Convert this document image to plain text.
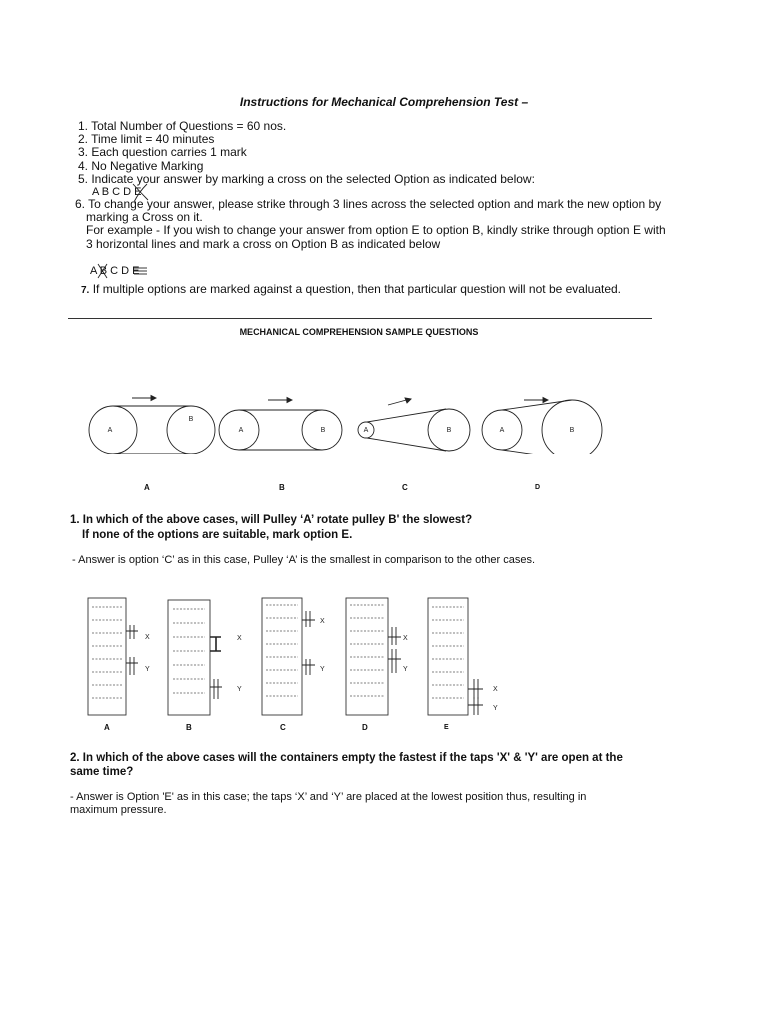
Instructions for Mechanical Comprehension Test –
1. Total Number of Questions = 60 nos.
2. Time limit = 40 minutes
3. Each question carries 1 mark
4. No Negative Marking
5. Indicate your answer by marking a cross on the selected Option as indicated below:
A B C D E
6. To change your answer, please strike through 3 lines across the selected option and mark the new option by
marking a Cross on it.
For example - If you wish to change your answer from option E to option B, kindly strike through option E with
3 horizontal lines and mark a cross on Option B as indicated below
A B C D E
7. If multiple options are marked against a question, then that particular question will not be evaluated.
MECHANICAL COMPREHENSION SAMPLE QUESTIONS
A
B
A	B	A	B	A	B
A	B	C	D
1. In which of the above cases, will Pulley ‘A’ rotate pulley B' the slowest?
If none of the options are suitable, mark option E.
- Answer is option ‘C’ as in this case, Pulley ‘A’ is the smallest in comparison to the other cases.
X
Y
X
Y
X
Y
X
Y
X
Y
A	B	C	D	E
2. In which of the above cases will the containers empty the fastest if the taps 'X' & 'Y' are open at the
same time?
- Answer is Option 'E' as in this case; the taps ‘X’ and ‘Y’ are placed at the lowest position thus, resulting in
maximum pressure.
